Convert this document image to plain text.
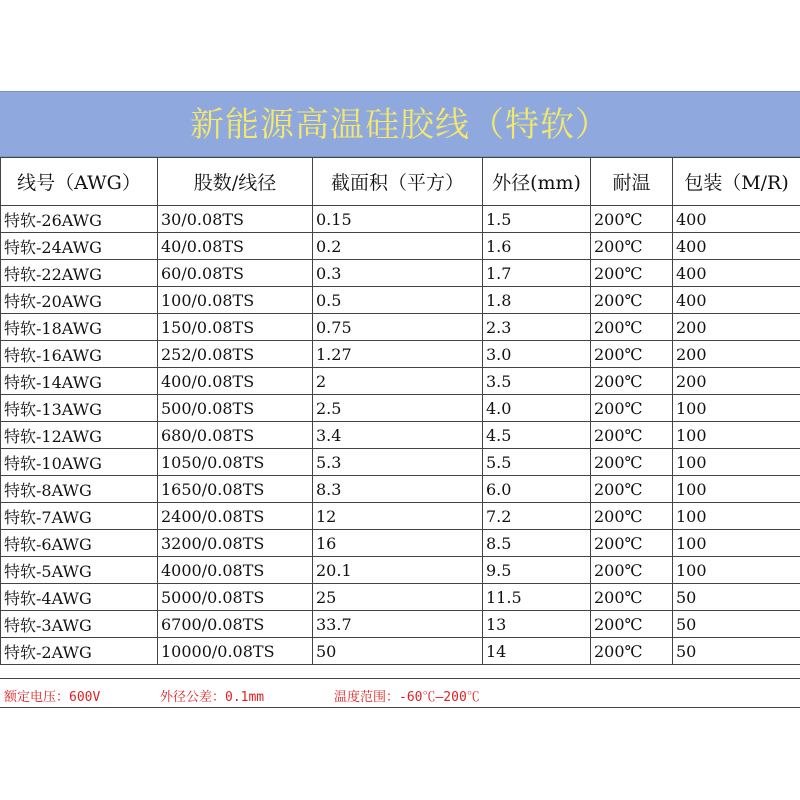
新能源高温硅胶线（特软）
线号（AWG）	股数/线径	截面积（平方）	外径(mm)	耐温	包装（M/R)
特软-26AWG	30/0.08TS	0.15	1.5	200℃	400
特软-24AWG	40/0.08TS	0.2	1.6	200℃	400
特软-22AWG	60/0.08TS	0.3	1.7	200℃	400
特软-20AWG	100/0.08TS	0.5	1.8	200℃	400
特软-18AWG	150/0.08TS	0.75	2.3	200℃	200
特软-16AWG	252/0.08TS	1.27	3.0	200℃	200
特软-14AWG	400/0.08TS	2	3.5	200℃	200
特软-13AWG	500/0.08TS	2.5	4.0	200℃	100
特软-12AWG	680/0.08TS	3.4	4.5	200℃	100
特软-10AWG	1050/0.08TS	5.3	5.5	200℃	100
特软-8AWG	1650/0.08TS	8.3	6.0	200℃	100
特软-7AWG	2400/0.08TS	12	7.2	200℃	100
特软-6AWG	3200/0.08TS	16	8.5	200℃	100
特软-5AWG	4000/0.08TS	20.1	9.5	200℃	100
特软-4AWG	5000/0.08TS	25	11.5	200℃	50
特软-3AWG	6700/0.08TS	33.7	13	200℃	50
特软-2AWG	10000/0.08TS	50	14	200℃	50
额定电压：600V	外径公差：0.1mm	温度范围：-60℃—200℃
